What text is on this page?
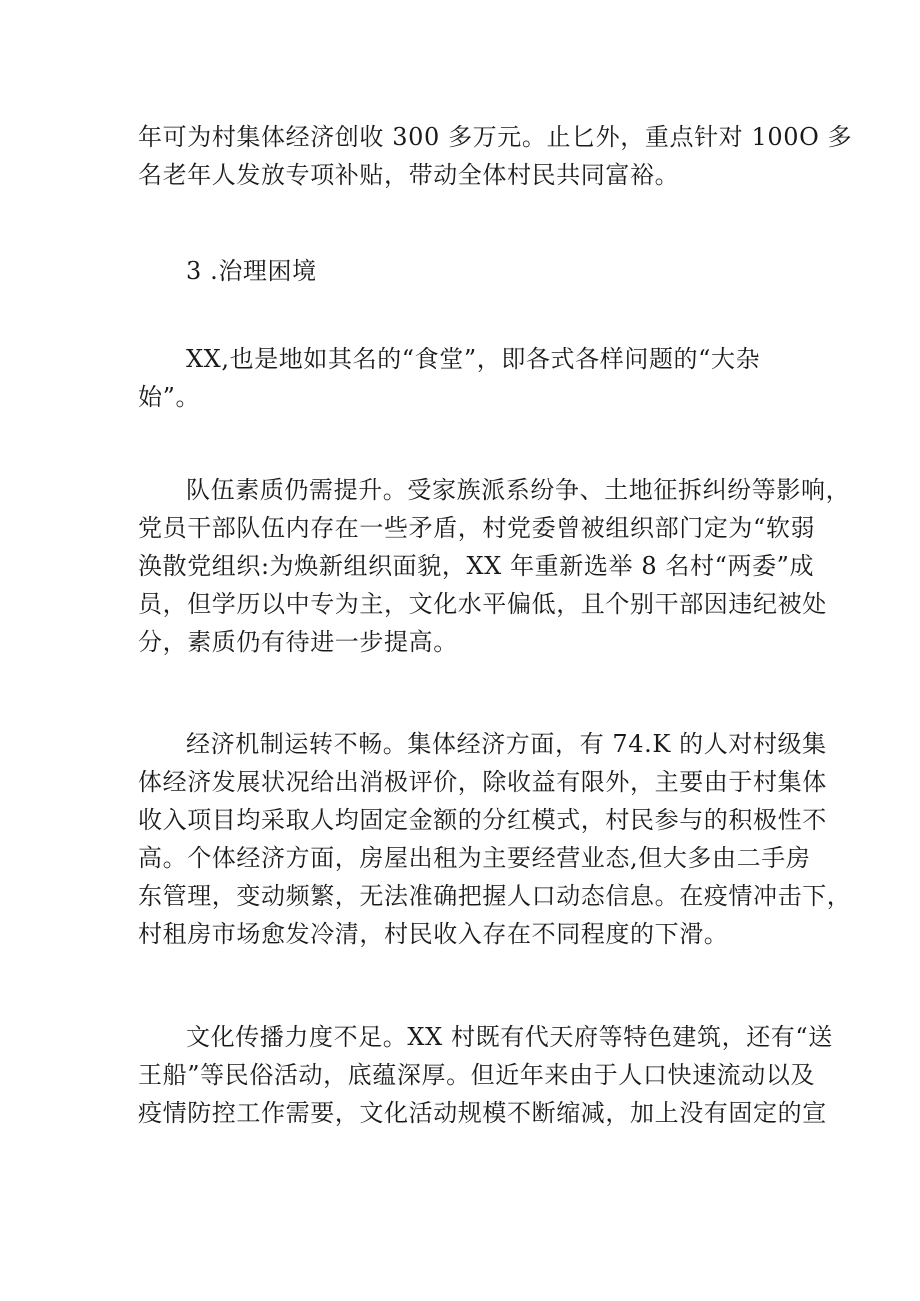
年可为村集体经济创收 300 多万元。止匕外，重点针对 100O 多
名老年人发放专项补贴，带动全体村民共同富裕。
3 .治理困境
XX,也是地如其名的“食堂”，即各式各样问题的“大杂
始”。
队伍素质仍需提升。受家族派系纷争、土地征拆纠纷等影响，
党员干部队伍内存在一些矛盾，村党委曾被组织部门定为“软弱
涣散党组织:为焕新组织面貌，XX 年重新选举 8 名村“两委”成
员，但学历以中专为主，文化水平偏低，且个别干部因违纪被处
分，素质仍有待进一步提高。
经济机制运转不畅。集体经济方面，有 74.K 的人对村级集
体经济发展状况给出消极评价，除收益有限外，主要由于村集体
收入项目均采取人均固定金额的分红模式，村民参与的积极性不
高。个体经济方面，房屋出租为主要经营业态,但大多由二手房
东管理，变动频繁，无法准确把握人口动态信息。在疫情冲击下，
村租房市场愈发冷清，村民收入存在不同程度的下滑。
文化传播力度不足。XX 村既有代天府等特色建筑，还有“送
王船”等民俗活动，底蕴深厚。但近年来由于人口快速流动以及
疫情防控工作需要，文化活动规模不断缩减，加上没有固定的宣
